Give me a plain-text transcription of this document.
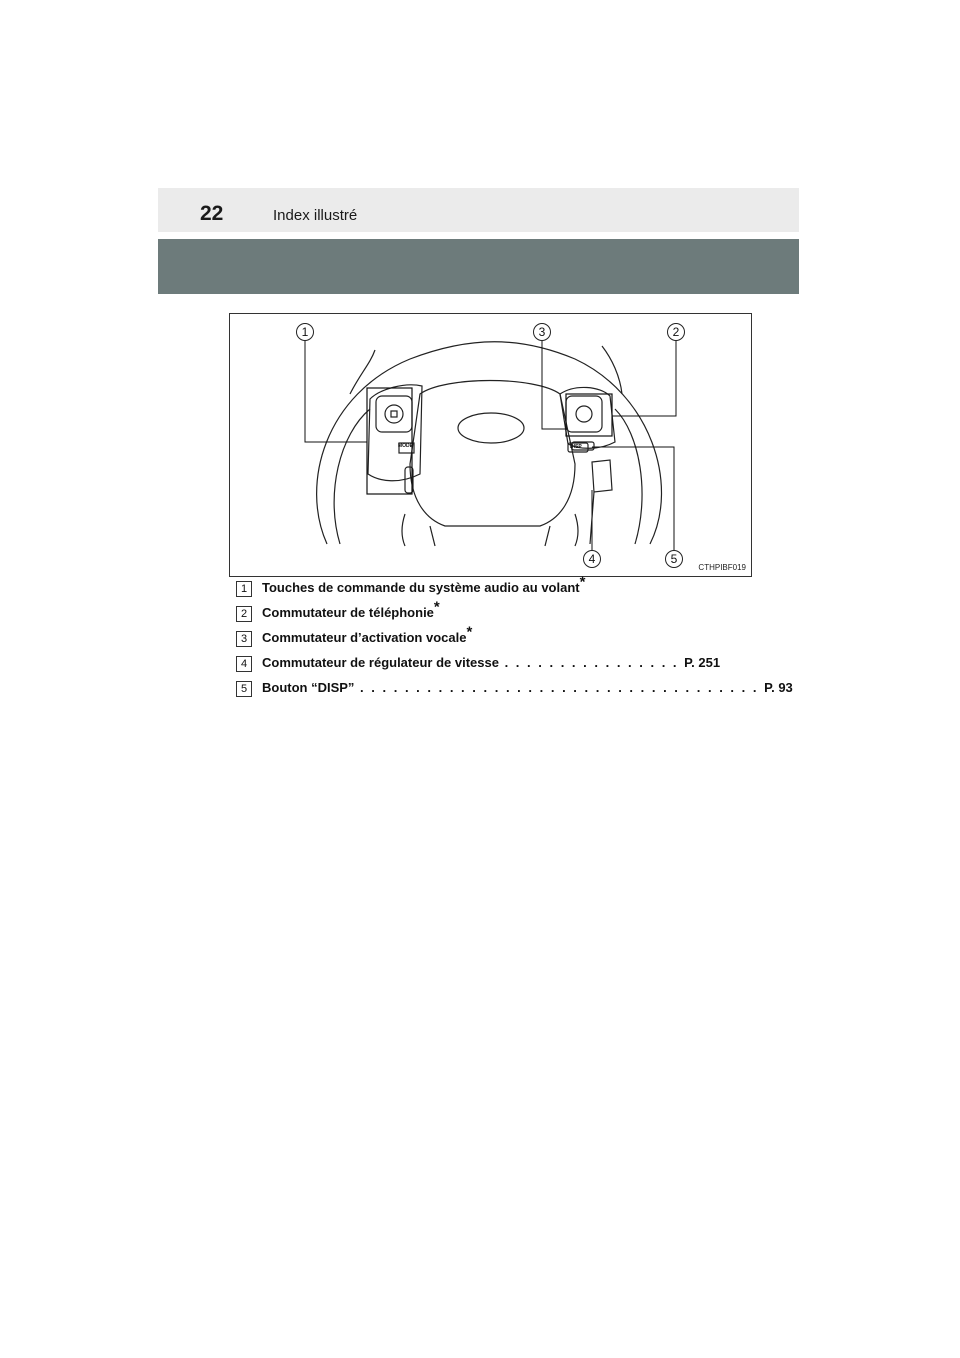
22	Index illustré
1	3	2
4	5
MODE	DISP
CTHPIBF019
1	Touches de commande du système audio au volant*
2	Commutateur de téléphonie*
3	Commutateur d’activation vocale*
4	Commutateur de régulateur de vitesse . . . . . . . . . . . . . . . . P. 251
5	Bouton “DISP” . . . . . . . . . . . . . . . . . . . . . . . . . . . . . . . . . . . . P. 93
